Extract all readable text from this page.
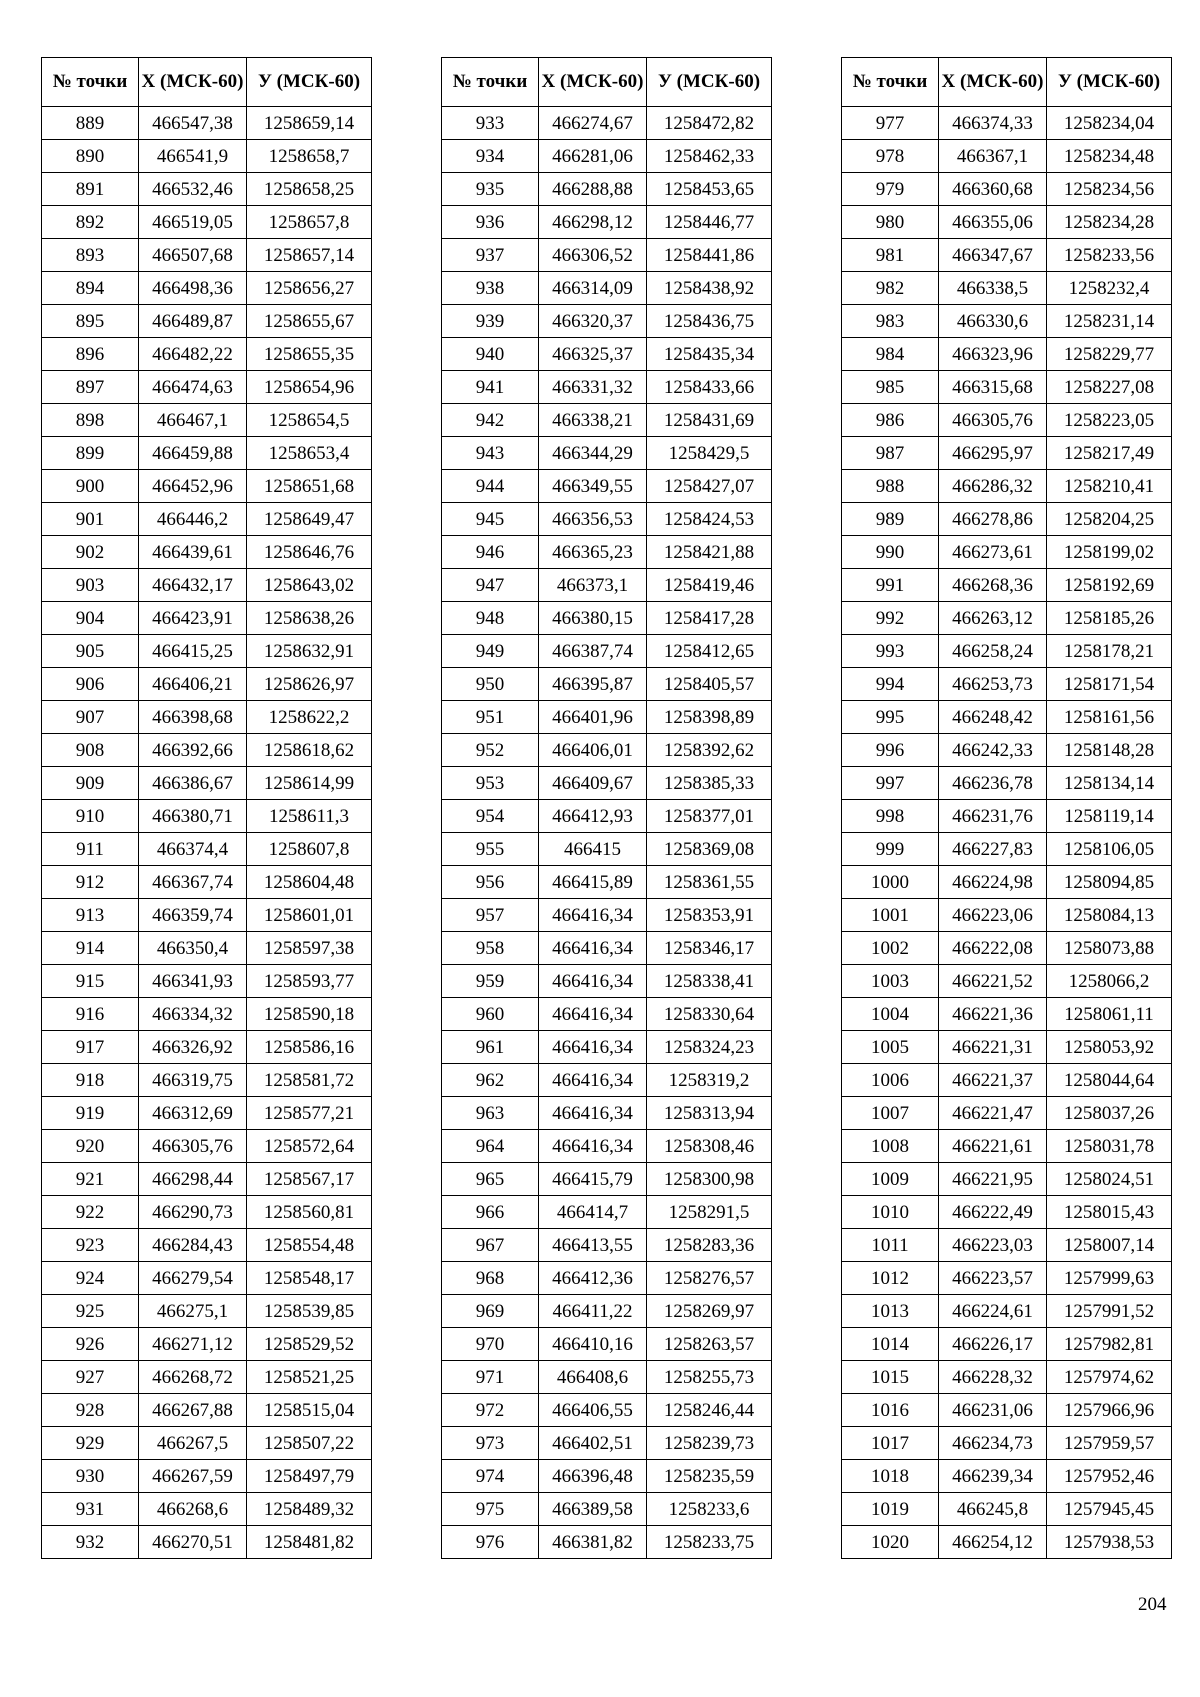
№ точки	X (МСК-60)	У (МСК-60)
889	466547,38	1258659,14
890	466541,9	1258658,7
891	466532,46	1258658,25
892	466519,05	1258657,8
893	466507,68	1258657,14
894	466498,36	1258656,27
895	466489,87	1258655,67
896	466482,22	1258655,35
897	466474,63	1258654,96
898	466467,1	1258654,5
899	466459,88	1258653,4
900	466452,96	1258651,68
901	466446,2	1258649,47
902	466439,61	1258646,76
903	466432,17	1258643,02
904	466423,91	1258638,26
905	466415,25	1258632,91
906	466406,21	1258626,97
907	466398,68	1258622,2
908	466392,66	1258618,62
909	466386,67	1258614,99
910	466380,71	1258611,3
911	466374,4	1258607,8
912	466367,74	1258604,48
913	466359,74	1258601,01
914	466350,4	1258597,38
915	466341,93	1258593,77
916	466334,32	1258590,18
917	466326,92	1258586,16
918	466319,75	1258581,72
919	466312,69	1258577,21
920	466305,76	1258572,64
921	466298,44	1258567,17
922	466290,73	1258560,81
923	466284,43	1258554,48
924	466279,54	1258548,17
925	466275,1	1258539,85
926	466271,12	1258529,52
927	466268,72	1258521,25
928	466267,88	1258515,04
929	466267,5	1258507,22
930	466267,59	1258497,79
931	466268,6	1258489,32
932	466270,51	1258481,82
№ точки	X (МСК-60)	У (МСК-60)
933	466274,67	1258472,82
934	466281,06	1258462,33
935	466288,88	1258453,65
936	466298,12	1258446,77
937	466306,52	1258441,86
938	466314,09	1258438,92
939	466320,37	1258436,75
940	466325,37	1258435,34
941	466331,32	1258433,66
942	466338,21	1258431,69
943	466344,29	1258429,5
944	466349,55	1258427,07
945	466356,53	1258424,53
946	466365,23	1258421,88
947	466373,1	1258419,46
948	466380,15	1258417,28
949	466387,74	1258412,65
950	466395,87	1258405,57
951	466401,96	1258398,89
952	466406,01	1258392,62
953	466409,67	1258385,33
954	466412,93	1258377,01
955	466415	1258369,08
956	466415,89	1258361,55
957	466416,34	1258353,91
958	466416,34	1258346,17
959	466416,34	1258338,41
960	466416,34	1258330,64
961	466416,34	1258324,23
962	466416,34	1258319,2
963	466416,34	1258313,94
964	466416,34	1258308,46
965	466415,79	1258300,98
966	466414,7	1258291,5
967	466413,55	1258283,36
968	466412,36	1258276,57
969	466411,22	1258269,97
970	466410,16	1258263,57
971	466408,6	1258255,73
972	466406,55	1258246,44
973	466402,51	1258239,73
974	466396,48	1258235,59
975	466389,58	1258233,6
976	466381,82	1258233,75
№ точки	X (МСК-60)	У (МСК-60)
977	466374,33	1258234,04
978	466367,1	1258234,48
979	466360,68	1258234,56
980	466355,06	1258234,28
981	466347,67	1258233,56
982	466338,5	1258232,4
983	466330,6	1258231,14
984	466323,96	1258229,77
985	466315,68	1258227,08
986	466305,76	1258223,05
987	466295,97	1258217,49
988	466286,32	1258210,41
989	466278,86	1258204,25
990	466273,61	1258199,02
991	466268,36	1258192,69
992	466263,12	1258185,26
993	466258,24	1258178,21
994	466253,73	1258171,54
995	466248,42	1258161,56
996	466242,33	1258148,28
997	466236,78	1258134,14
998	466231,76	1258119,14
999	466227,83	1258106,05
1000	466224,98	1258094,85
1001	466223,06	1258084,13
1002	466222,08	1258073,88
1003	466221,52	1258066,2
1004	466221,36	1258061,11
1005	466221,31	1258053,92
1006	466221,37	1258044,64
1007	466221,47	1258037,26
1008	466221,61	1258031,78
1009	466221,95	1258024,51
1010	466222,49	1258015,43
1011	466223,03	1258007,14
1012	466223,57	1257999,63
1013	466224,61	1257991,52
1014	466226,17	1257982,81
1015	466228,32	1257974,62
1016	466231,06	1257966,96
1017	466234,73	1257959,57
1018	466239,34	1257952,46
1019	466245,8	1257945,45
1020	466254,12	1257938,53
204
